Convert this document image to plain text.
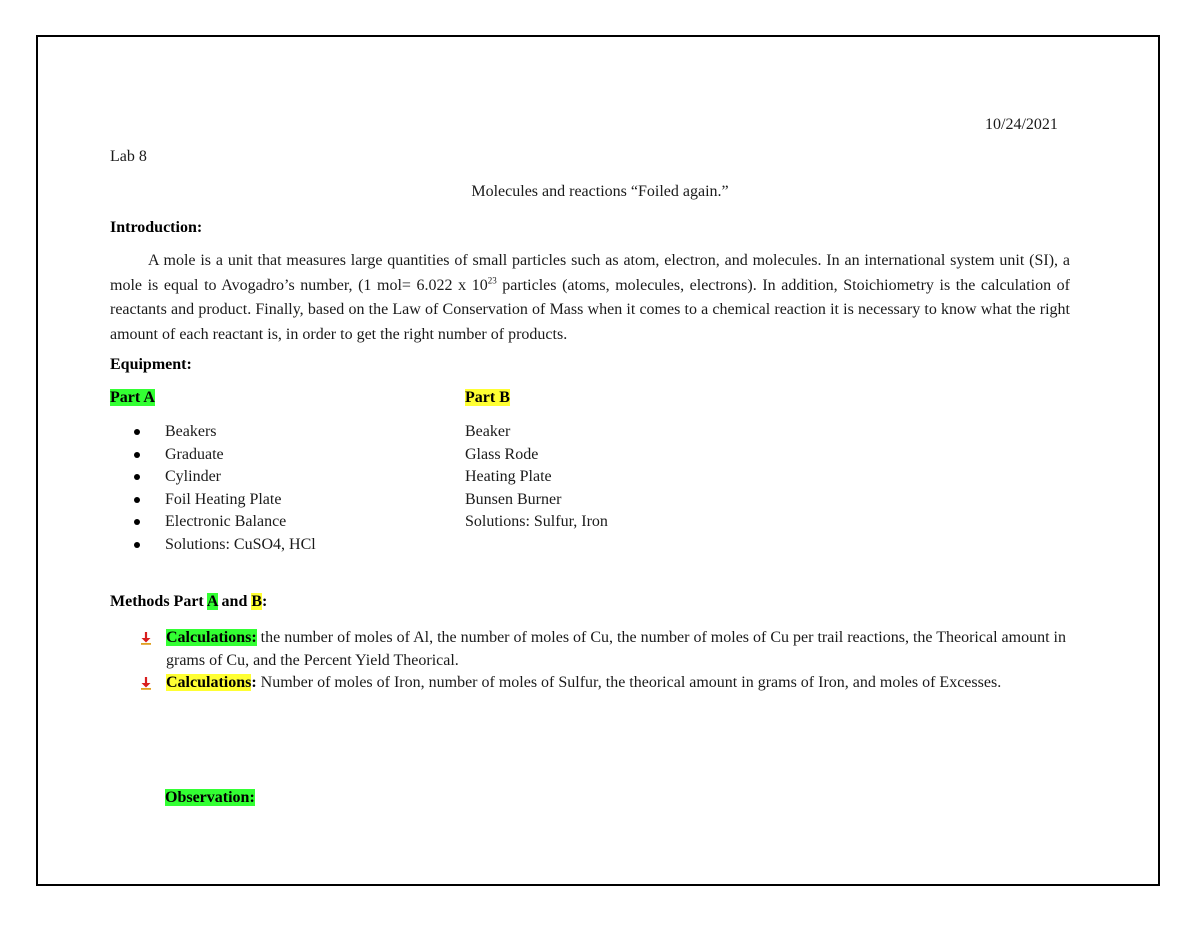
10/24/2021

Lab 8

Molecules and reactions “Foiled again.”

Introduction:

A mole is a unit that measures large quantities of small particles such as atom, electron, and molecules. In an international system unit (SI), a mole is equal to Avogadro’s number, (1 mol= 6.022 x $10^{23}$ particles (atoms, molecules, electrons). In addition, Stoichiometry is the calculation of reactants and product. Finally, based on the Law of Conservation of Mass when it comes to a chemical reaction it is necessary to know what the right amount of each reactant is, in order to get the right number of products.

Equipment:

Part A	Part B

Beakers
Graduate
Cylinder
Foil Heating Plate
Electronic Balance
Solutions: CuSO4, HCl
Beaker
Glass Rode
Heating Plate
Bunsen Burner
Solutions: Sulfur, Iron

Methods Part A and B:

Calculations: the number of moles of Al, the number of moles of Cu, the number of moles of Cu per trail reactions, the Theorical amount in grams of Cu, and the Percent Yield Theorical.
Calculations: Number of moles of Iron, number of moles of Sulfur, the theorical amount in grams of Iron, and moles of Excesses.

Observation:
